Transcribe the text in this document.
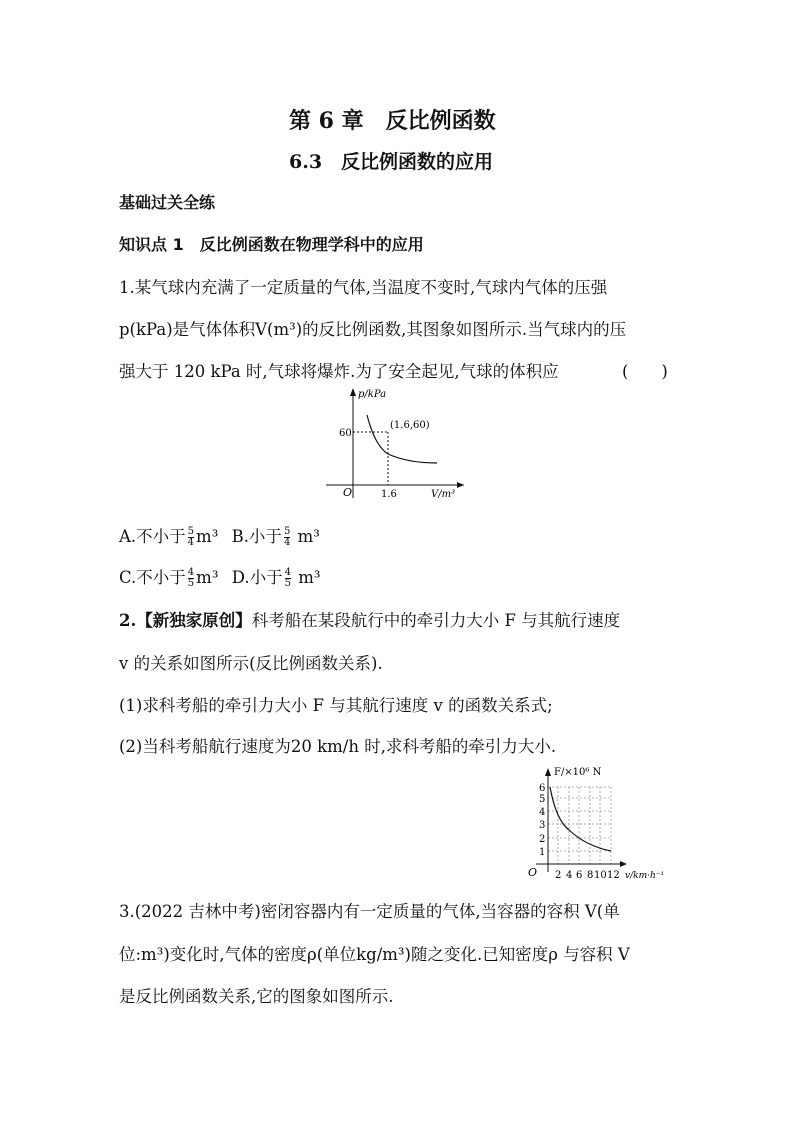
第 6 章　反比例函数
6.3　反比例函数的应用
基础过关全练
知识点 1　反比例函数在物理学科中的应用
1.某气球内充满了一定质量的气体,当温度不变时,气球内气体的压强
p(kPa)是气体体积V(m³)的反比例函数,其图象如图所示.当气球内的压
强大于 120 kPa 时,气球将爆炸.为了安全起见,气球的体积应	(　　)
p/kPa
V/m³
O
(1.6,60)
60
1.6
A.不小于 $\frac{5}{4} m^3$ B.小于 $\frac{5}{4} m^3$
C.不小于 $\frac{4}{5} m^3$ D.小于 $\frac{4}{5} m^3$
2.【新独家原创】科考船在某段航行中的牵引力大小 F 与其航行速度
v 的关系如图所示(反比例函数关系).
(1)求科考船的牵引力大小 F 与其航行速度 v 的函数关系式;
(2)当科考船航行速度为20 km/h 时,求科考船的牵引力大小.
F/×10⁶ N
v/km·h⁻¹
O
1
2
3
4
5
6
2 4 6 8 10 12
3.(2022 吉林中考)密闭容器内有一定质量的气体,当容器的容积 V(单
位:m³)变化时,气体的密度ρ(单位kg/m³)随之变化.已知密度ρ 与容积 V
是反比例函数关系,它的图象如图所示.
